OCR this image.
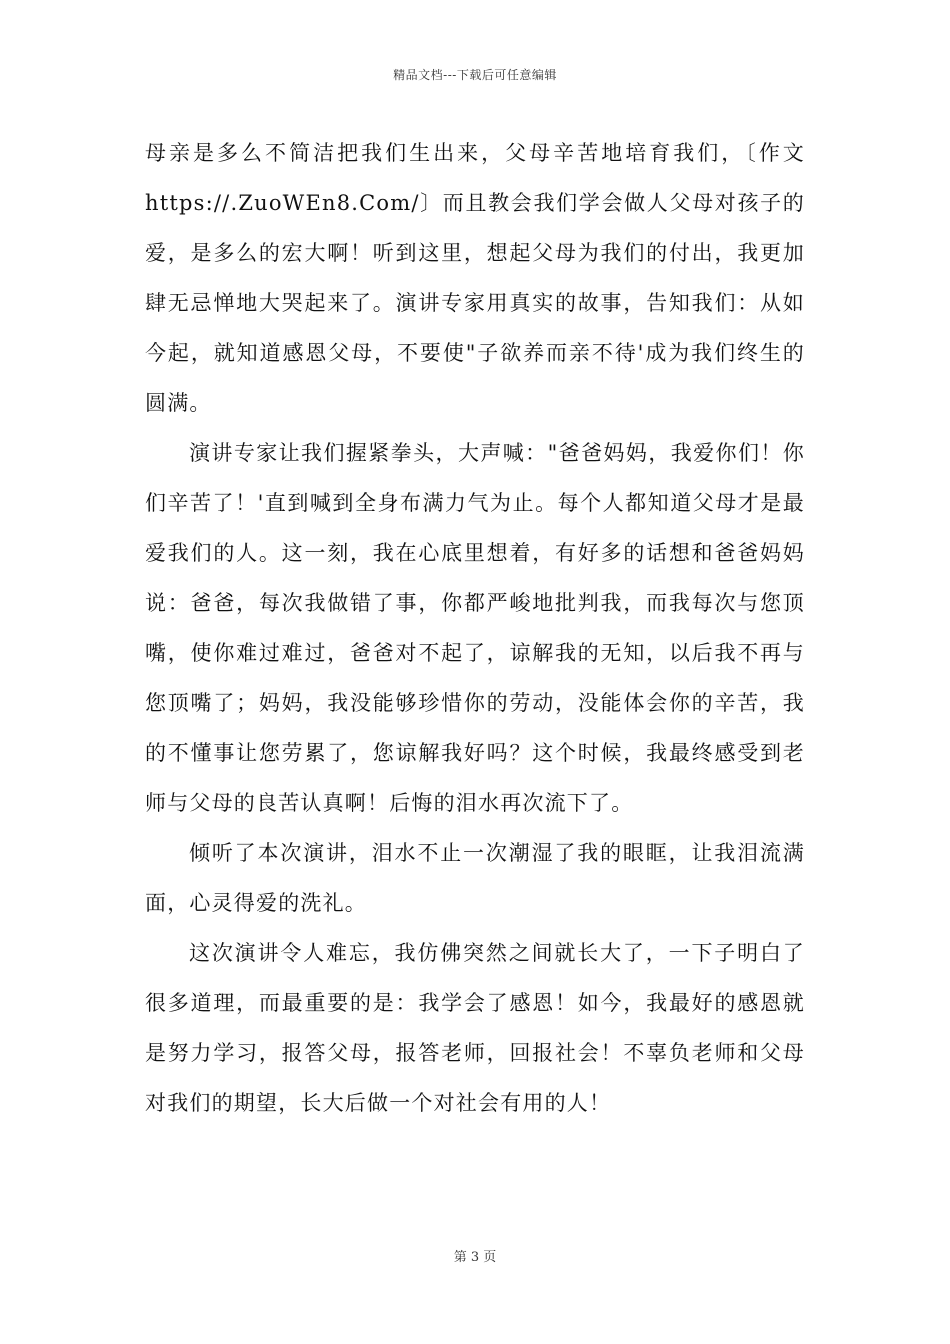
精品文档---下载后可任意编辑

母亲是多么不简洁把我们生出来，父母辛苦地培育我们，〔作文https://.ZuoWEn8.Com/〕而且教会我们学会做人父母对孩子的爱，是多么的宏大啊！听到这里，想起父母为我们的付出，我更加肆无忌惮地大哭起来了。演讲专家用真实的故事，告知我们：从如今起，就知道感恩父母，不要使"子欲养而亲不待'成为我们终生的圆满。

演讲专家让我们握紧拳头，大声喊："爸爸妈妈，我爱你们！你们辛苦了！'直到喊到全身布满力气为止。每个人都知道父母才是最爱我们的人。这一刻，我在心底里想着，有好多的话想和爸爸妈妈说：爸爸，每次我做错了事，你都严峻地批判我，而我每次与您顶嘴，使你难过难过，爸爸对不起了，谅解我的无知，以后我不再与您顶嘴了；妈妈，我没能够珍惜你的劳动，没能体会你的辛苦，我的不懂事让您劳累了，您谅解我好吗？这个时候，我最终感受到老师与父母的良苦认真啊！后悔的泪水再次流下了。

倾听了本次演讲，泪水不止一次潮湿了我的眼眶，让我泪流满面，心灵得爱的洗礼。

这次演讲令人难忘，我仿佛突然之间就长大了，一下子明白了很多道理，而最重要的是：我学会了感恩！如今，我最好的感恩就是努力学习，报答父母，报答老师，回报社会！不辜负老师和父母对我们的期望，长大后做一个对社会有用的人！

第 3 页
